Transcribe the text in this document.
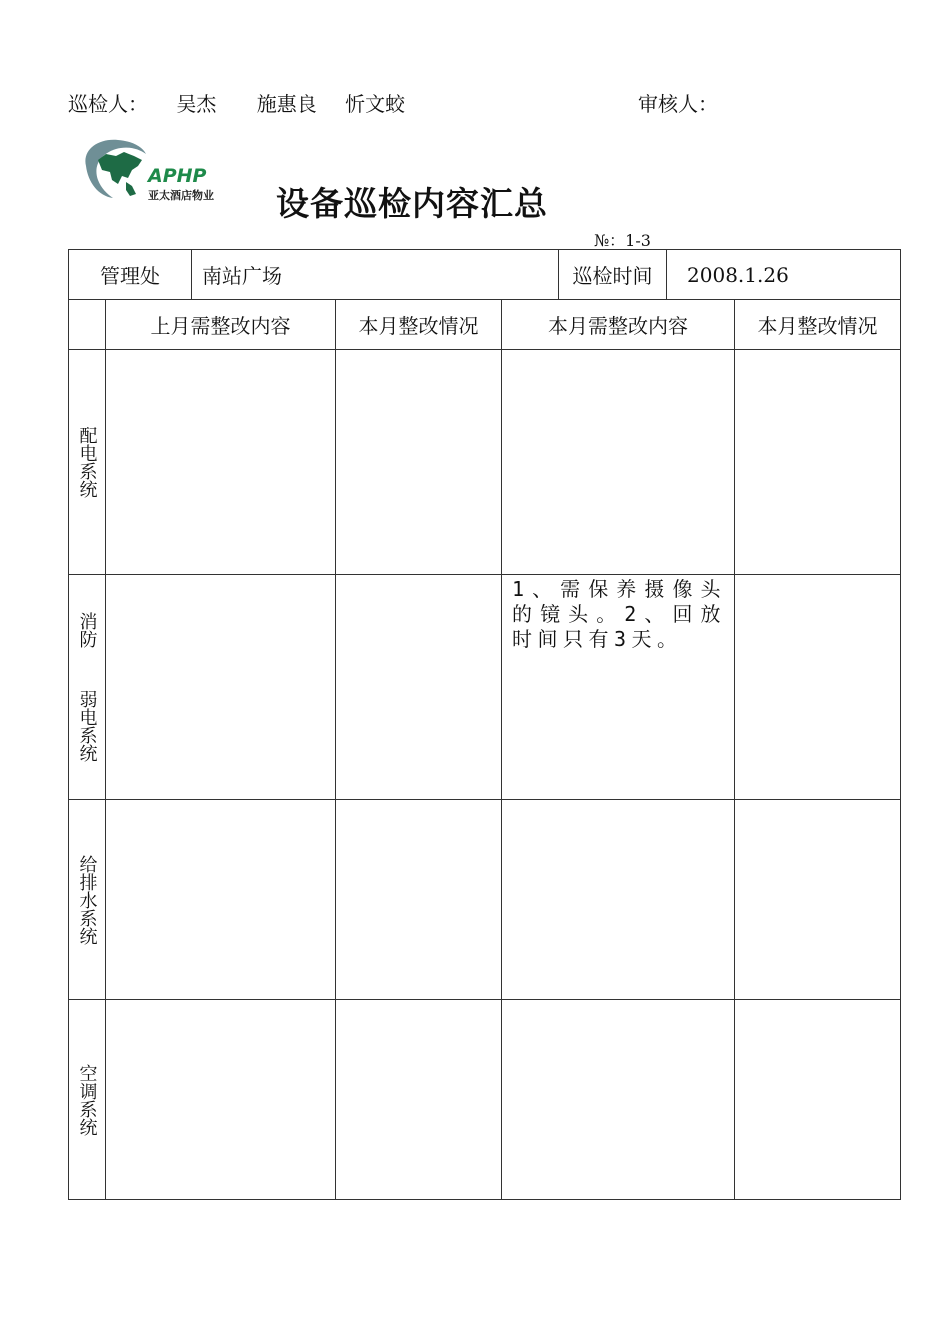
巡检人： 吴杰 施惠良 忻文蛟	审核人：
APHP
亚太酒店物业 设备巡检内容汇总
№：1-3
管理处		南站广场			巡检时间	2008.1.26	
	上月需整改内容		本月整改情况	本月需整改内容			本月整改情况

配电系统							

消防  弱电系统				1、需保养摄像头的镜头。2、回放时间只有3天。			

给排水系统							

空调系统							
